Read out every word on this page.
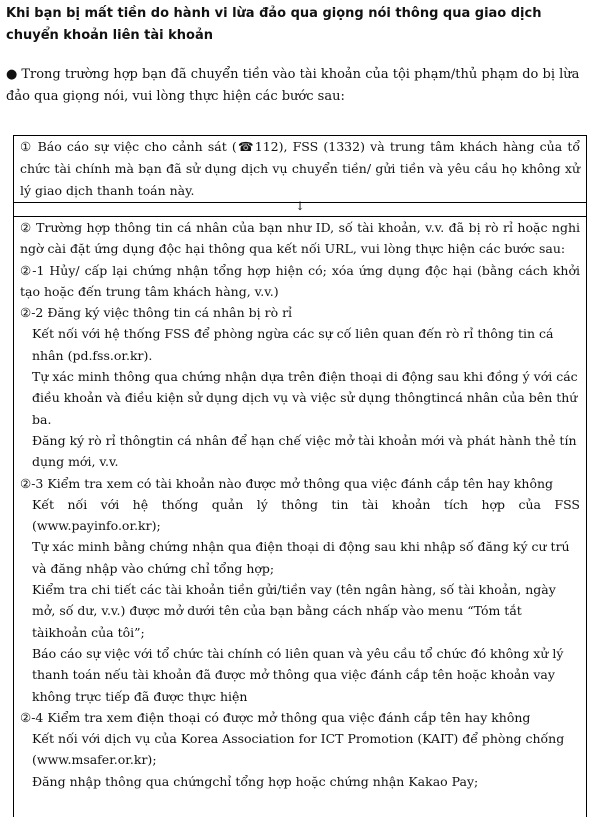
Khi bạn bị mất tiền do hành vi lừa đảo qua giọng nói thông qua giao dịch chuyển khoản liên tài khoản

● Trong trường hợp bạn đã chuyển tiền vào tài khoản của tội phạm/thủ phạm do bị lừa đảo qua giọng nói, vui lòng thực hiện các bước sau:

① Báo cáo sự việc cho cảnh sát (☎112), FSS (1332) và trung tâm khách hàng của tổ chức tài chính mà bạn đã sử dụng dịch vụ chuyển tiền/ gửi tiền và yêu cầu họ không xử lý giao dịch thanh toán này.
↓

② Trường hợp thông tin cá nhân của bạn như ID, số tài khoản, v.v. đã bị rò rỉ hoặc nghi ngờ cài đặt ứng dụng độc hại thông qua kết nối URL, vui lòng thực hiện các bước sau:

②-1 Hủy/ cấp lại chứng nhận tổng hợp hiện có; xóa ứng dụng độc hại (bằng cách khởi tạo hoặc đến trung tâm khách hàng, v.v.)

②-2 Đăng ký việc thông tin cá nhân bị rò rỉ

Kết nối với hệ thống FSS để phòng ngừa các sự cố liên quan đến rò rỉ thông tin cá nhân (pd.fss.or.kr).

Tự xác minh thông qua chứng nhận dựa trên điện thoại di động sau khi đồng ý với các điều khoản và điều kiện sử dụng dịch vụ và việc sử dụng thôngtincá nhân của bên thứ ba.

Đăng ký rò rỉ thôngtin cá nhân để hạn chế việc mở tài khoản mới và phát hành thẻ tín dụng mới, v.v.

②-3 Kiểm tra xem có tài khoản nào được mở thông qua việc đánh cắp tên hay không

Kết nối với hệ thống quản lý thông tin tài khoản tích hợp của FSS (www.payinfo.or.kr);

Tự xác minh bằng chứng nhận qua điện thoại di động sau khi nhập số đăng ký cư trú và đăng nhập vào chứng chỉ tổng hợp;

Kiểm tra chi tiết các tài khoản tiền gửi/tiền vay (tên ngân hàng, số tài khoản, ngày mở, số dư, v.v.) được mở dưới tên của bạn bằng cách nhấp vào menu “Tóm tắt tàikhoản của tôi”;

Báo cáo sự việc với tổ chức tài chính có liên quan và yêu cầu tổ chức đó không xử lý thanh toán nếu tài khoản đã được mở thông qua việc đánh cắp tên hoặc khoản vay không trực tiếp đã được thực hiện

②-4 Kiểm tra xem điện thoại có được mở thông qua việc đánh cắp tên hay không

Kết nối với dịch vụ của Korea Association for ICT Promotion (KAIT) để phòng chống (www.msafer.or.kr);

Đăng nhập thông qua chứngchỉ tổng hợp hoặc chứng nhận Kakao Pay;
